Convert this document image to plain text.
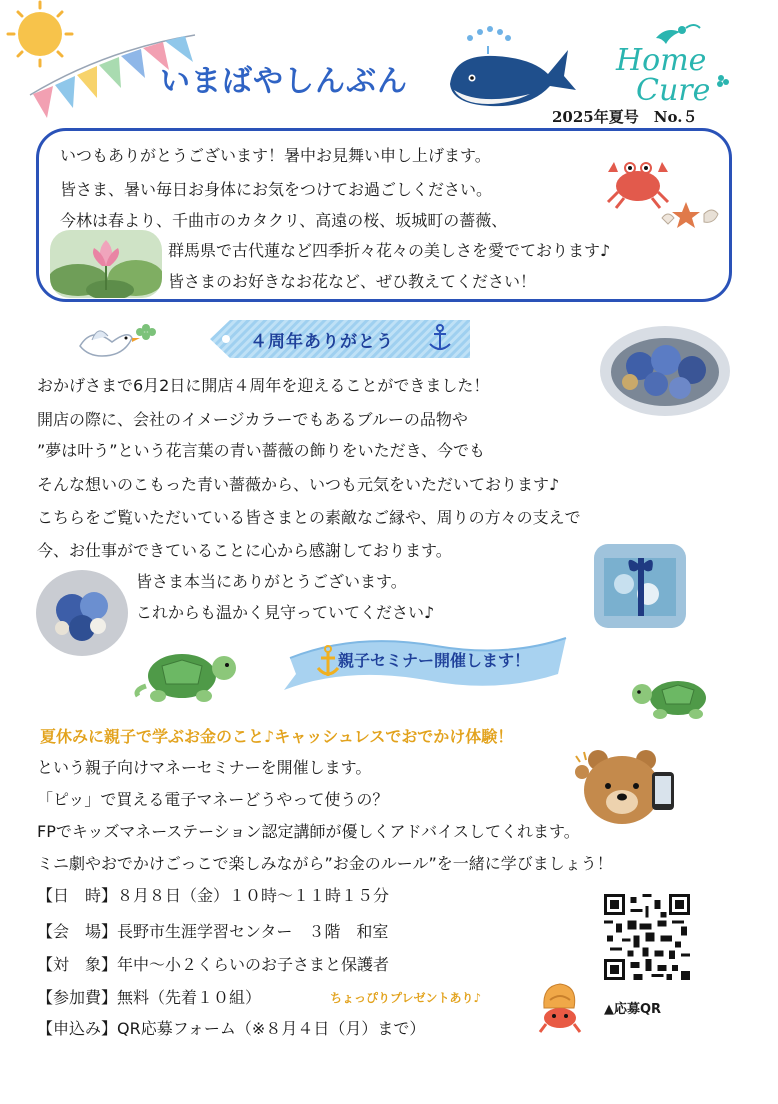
いまばやしんぶん
Home
Cure
2025年夏号　No.５
いつもありがとうございます！暑中お見舞い申し上げます。
皆さま、暑い毎日お身体にお気をつけてお過ごしください。
今林は春より、千曲市のカタクリ、高遠の桜、坂城町の薔薇、
群馬県で古代蓮など四季折々花々の美しさを愛でております♪
皆さまのお好きなお花など、ぜひ教えてください！
４周年ありがとう
おかげさまで6月2日に開店４周年を迎えることができました！
開店の際に、会社のイメージカラーでもあるブルーの品物や
”夢は叶う”という花言葉の青い薔薇の飾りをいただき、今でも
そんな想いのこもった青い薔薇から、いつも元気をいただいております♪
こちらをご覧いただいている皆さまとの素敵なご縁や、周りの方々の支えで
今、お仕事ができていることに心から感謝しております。
皆さま本当にありがとうございます。
これからも温かく見守っていてください♪
親子セミナー開催します！
夏休みに親子で学ぶお金のこと♪キャッシュレスでおでかけ体験！
という親子向けマネーセミナーを開催します。
「ピッ」で買える電子マネーどうやって使うの？
FPでキッズマネーステーション認定講師が優しくアドバイスしてくれます。
ミニ劇やおでかけごっこで楽しみながら”お金のルール”を一緒に学びましょう！
【日　時】８月８日（金）１０時〜１１時１５分
【会　場】長野市生涯学習センター　３階　和室
【対　象】年中〜小２くらいのお子さまと保護者
【参加費】無料（先着１０組）	ちょっぴりプレゼントあり♪
【申込み】QR応募フォーム（※８月４日（月）まで）
▲応募QR
